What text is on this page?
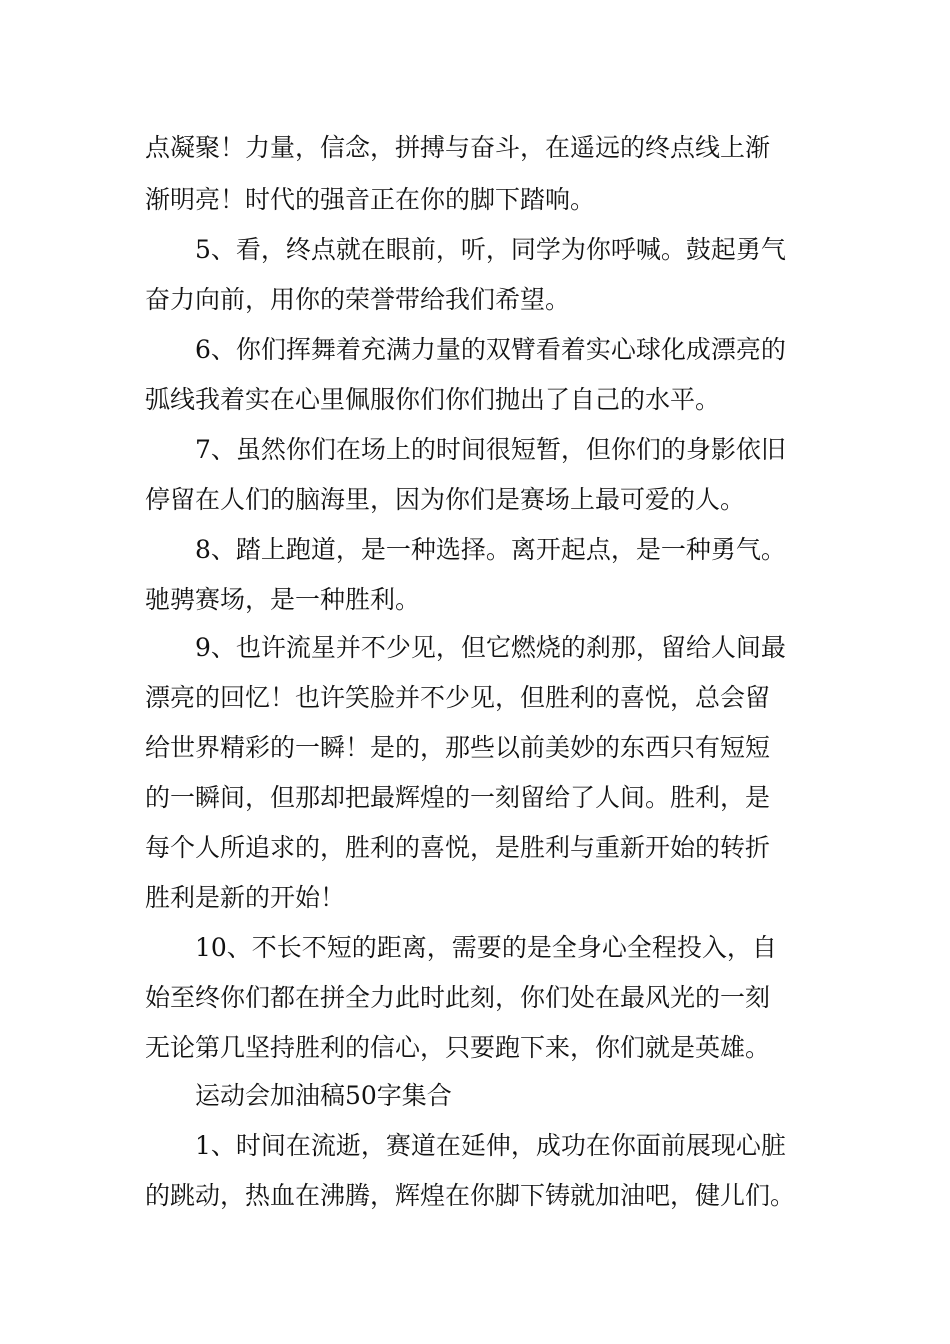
点凝聚！力量，信念，拼搏与奋斗，在遥远的终点线上渐
渐明亮！时代的强音正在你的脚下踏响。
5、看，终点就在眼前，听，同学为你呼喊。鼓起勇气
奋力向前，用你的荣誉带给我们希望。
6、你们挥舞着充满力量的双臂看着实心球化成漂亮的
弧线我着实在心里佩服你们你们抛出了自己的水平。
7、虽然你们在场上的时间很短暂，但你们的身影依旧
停留在人们的脑海里，因为你们是赛场上最可爱的人。
8、踏上跑道，是一种选择。离开起点，是一种勇气。
驰骋赛场，是一种胜利。
9、也许流星并不少见，但它燃烧的刹那，留给人间最
漂亮的回忆！也许笑脸并不少见，但胜利的喜悦，总会留
给世界精彩的一瞬！是的，那些以前美妙的东西只有短短
的一瞬间，但那却把最辉煌的一刻留给了人间。胜利，是
每个人所追求的，胜利的喜悦，是胜利与重新开始的转折
胜利是新的开始！
10、不长不短的距离，需要的是全身心全程投入，自
始至终你们都在拼全力此时此刻，你们处在最风光的一刻
无论第几坚持胜利的信心，只要跑下来，你们就是英雄。
运动会加油稿50字集合
1、时间在流逝，赛道在延伸，成功在你面前展现心脏
的跳动，热血在沸腾，辉煌在你脚下铸就加油吧，健儿们。
